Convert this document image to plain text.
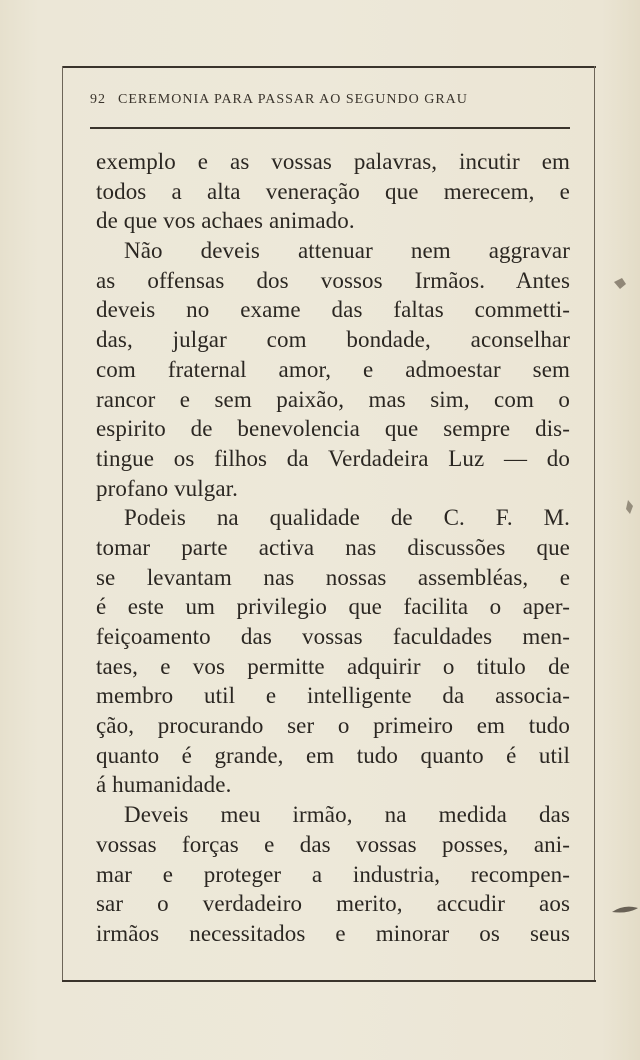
92 CEREMONIA PARA PASSAR AO SEGUNDO GRAU
exemplo e as vossas palavras, incutir em
todos a alta veneração que merecem, e
de que vos achaes animado.
Não deveis attenuar nem aggravar
as offensas dos vossos Irmãos. Antes
deveis no exame das faltas commetti-
das, julgar com bondade, aconselhar
com fraternal amor, e admoestar sem
rancor e sem paixão, mas sim, com o
espirito de benevolencia que sempre dis-
tingue os filhos da Verdadeira Luz — do
profano vulgar.
Podeis na qualidade de C. F. M.
tomar parte activa nas discussões que
se levantam nas nossas assembléas, e
é este um privilegio que facilita o aper-
feiçoamento das vossas faculdades men-
taes, e vos permitte adquirir o titulo de
membro util e intelligente da associa-
ção, procurando ser o primeiro em tudo
quanto é grande, em tudo quanto é util
á humanidade.
Deveis meu irmão, na medida das
vossas forças e das vossas posses, ani-
mar e proteger a industria, recompen-
sar o verdadeiro merito, accudir aos
irmãos necessitados e minorar os seus
